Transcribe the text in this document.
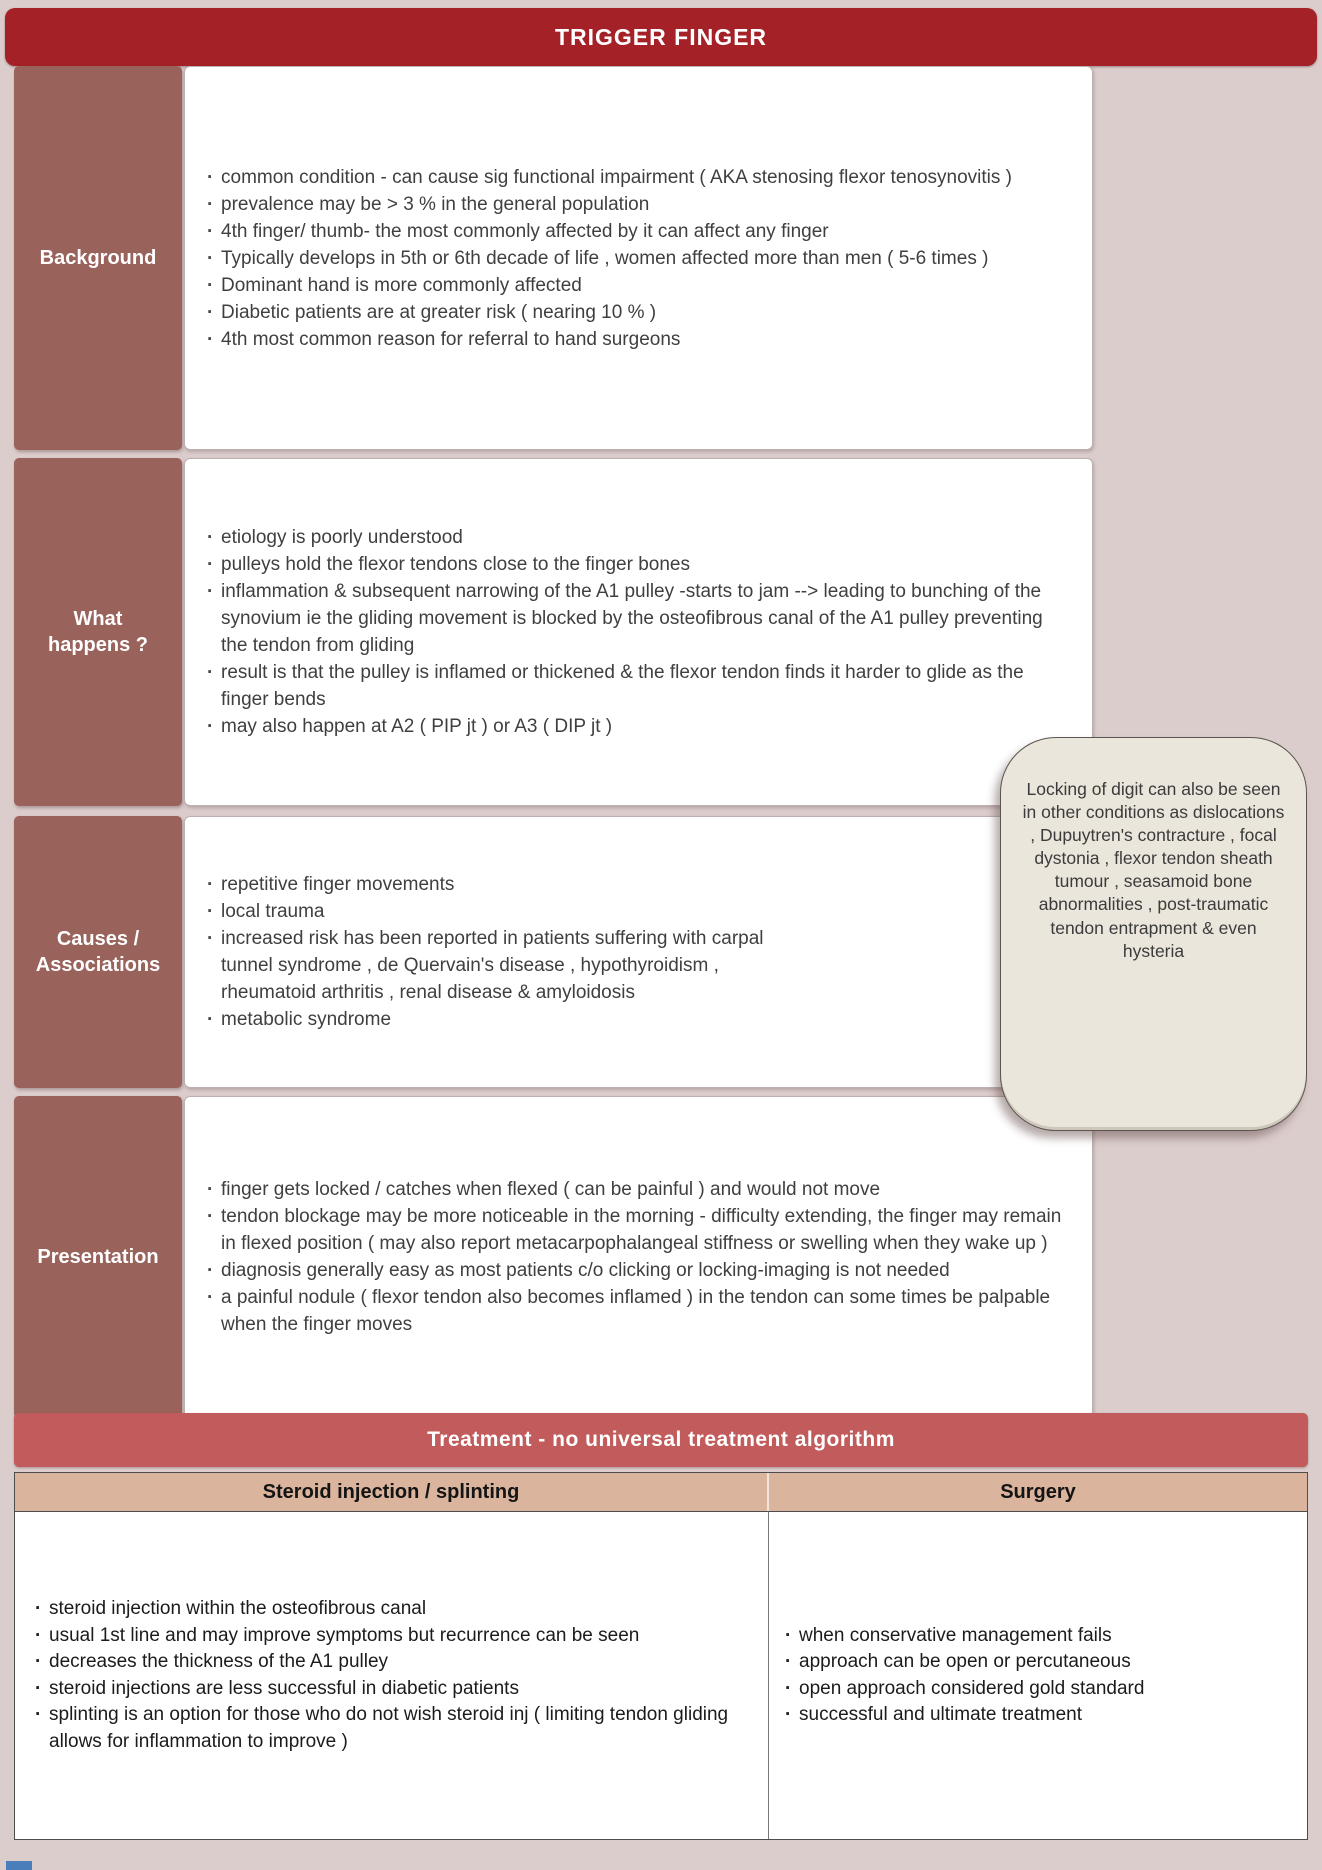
TRIGGER FINGER
Background
· common condition - can cause sig functional impairment ( AKA stenosing flexor tenosynovitis )
· prevalence may be > 3 % in the general population
· 4th finger/ thumb- the most commonly affected by it can affect any finger
· Typically develops in 5th or 6th decade of life , women affected more than men ( 5-6 times )
· Dominant hand is more commonly affected
· Diabetic patients are at greater risk ( nearing 10 % )
· 4th most common reason for referral to hand surgeons
What happens ?
· etiology is poorly understood
· pulleys hold the flexor tendons close to the finger bones
· inflammation & subsequent narrowing of the A1 pulley -starts to jam --> leading to bunching of the synovium ie the gliding movement is blocked by the osteofibrous canal of the A1 pulley preventing the tendon from gliding
· result is that the pulley is inflamed or thickened & the flexor tendon finds it harder to glide as the finger bends
· may also happen at A2 ( PIP jt ) or A3 ( DIP jt )
Causes / Associations
· repetitive finger movements
· local trauma
· increased risk has been reported in patients suffering with carpal tunnel syndrome , de Quervain's disease , hypothyroidism , rheumatoid arthritis , renal disease & amyloidosis
· metabolic syndrome
Presentation
· finger gets locked / catches when flexed ( can be painful ) and would not move
· tendon blockage may be more noticeable in the morning - difficulty extending, the finger may remain in flexed position ( may also report metacarpophalangeal stiffness or swelling when they wake up )
· diagnosis generally easy as most patients c/o clicking or locking-imaging is not needed
· a painful nodule ( flexor tendon also becomes inflamed ) in the tendon can some times be palpable when the finger moves

Locking of digit can also be seen in other conditions as dislocations , Dupuytren's contracture , focal dystonia , flexor tendon sheath tumour , seasamoid bone abnormalities , post-traumatic tendon entrapment & even hysteria

Treatment - no universal treatment algorithm
Steroid injection / splinting	Surgery
· steroid injection within the osteofibrous canal
· usual 1st line and may improve symptoms but recurrence can be seen
· decreases the thickness of the A1 pulley
· steroid injections are less successful in diabetic patients
· splinting is an option for those who do not wish steroid inj ( limiting tendon gliding allows for inflammation to improve )
· when conservative management fails
· approach can be open or percutaneous
· open approach considered gold standard
· successful and ultimate treatment
